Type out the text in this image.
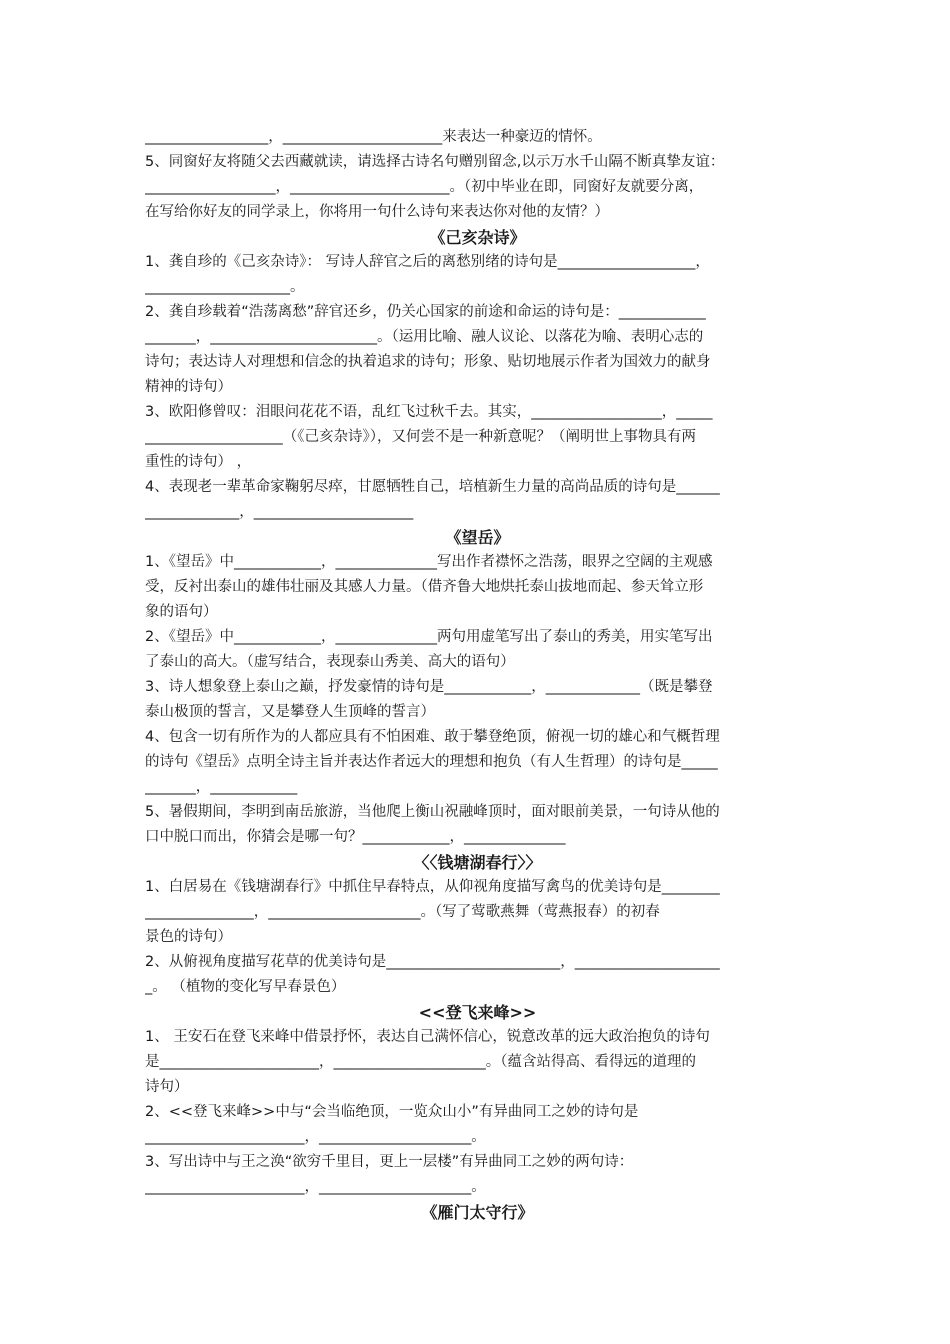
_________________，______________________来表达一种豪迈的情怀。
5、同窗好友将随父去西藏就读，请选择古诗名句赠别留念,以示万水千山隔不断真挚友谊：
__________________，______________________。（初中毕业在即，同窗好友就要分离，
在写给你好友的同学录上，你将用一句什么诗句来表达你对他的友情？）
《己亥杂诗》
1、龚自珍的《己亥杂诗》： 写诗人辞官之后的离愁别绪的诗句是___________________，
____________________。
2、龚自珍载着“浩荡离愁”辞官还乡，仍关心国家的前途和命运的诗句是：____________
_______，_______________________。（运用比喻、融人议论、以落花为喻、表明心志的
诗句；表达诗人对理想和信念的执着追求的诗句；形象、贴切地展示作者为国效力的献身
精神的诗句）
3、欧阳修曾叹：泪眼问花花不语，乱红飞过秋千去。其实，__________________，_____
___________________（《己亥杂诗》），又何尝不是一种新意呢？（阐明世上事物具有两
重性的诗句） ，
4、表现老一辈革命家鞠躬尽瘁，甘愿牺牲自己，培植新生力量的高尚品质的诗句是______
_____________，______________________
《望岳》
1、《望岳》中____________，______________写出作者襟怀之浩荡，眼界之空阔的主观感
受，反衬出泰山的雄伟壮丽及其感人力量。（借齐鲁大地烘托泰山拔地而起、参天耸立形
象的语句）
2、《望岳》中____________，______________两句用虚笔写出了泰山的秀美，用实笔写出
了泰山的高大。（虚写结合，表现泰山秀美、高大的语句）
3、诗人想象登上泰山之巅，抒发豪情的诗句是____________，_____________（既是攀登
泰山极顶的誓言，又是攀登人生顶峰的誓言）
4、包含一切有所作为的人都应具有不怕困难、敢于攀登绝顶，俯视一切的雄心和气概哲理
的诗句《望岳》点明全诗主旨并表达作者远大的理想和抱负（有人生哲理）的诗句是_____
_______，____________
5、暑假期间，李明到南岳旅游，当他爬上衡山祝融峰顶时，面对眼前美景，一句诗从他的
口中脱口而出，你猜会是哪一句？____________，______________
〈〈钱塘湖春行〉〉
1、白居易在《钱塘湖春行》中抓住早春特点，从仰视角度描写禽鸟的优美诗句是________
_______________，_____________________。（写了莺歌燕舞（莺燕报春）的初春
景色的诗句）
2、从俯视角度描写花草的优美诗句是________________________，____________________
_。 （植物的变化写早春景色）
<<登飞来峰>>
1、 王安石在登飞来峰中借景抒怀，表达自己满怀信心，锐意改革的远大政治抱负的诗句
是______________________，_____________________。（蕴含站得高、看得远的道理的
诗句）
2、<<登飞来峰>>中与“会当临绝顶，一览众山小”有异曲同工之妙的诗句是
______________________，_____________________。
3、写出诗中与王之涣“欲穷千里目，更上一层楼”有异曲同工之妙的两句诗：
______________________，_____________________。
《雁门太守行》
